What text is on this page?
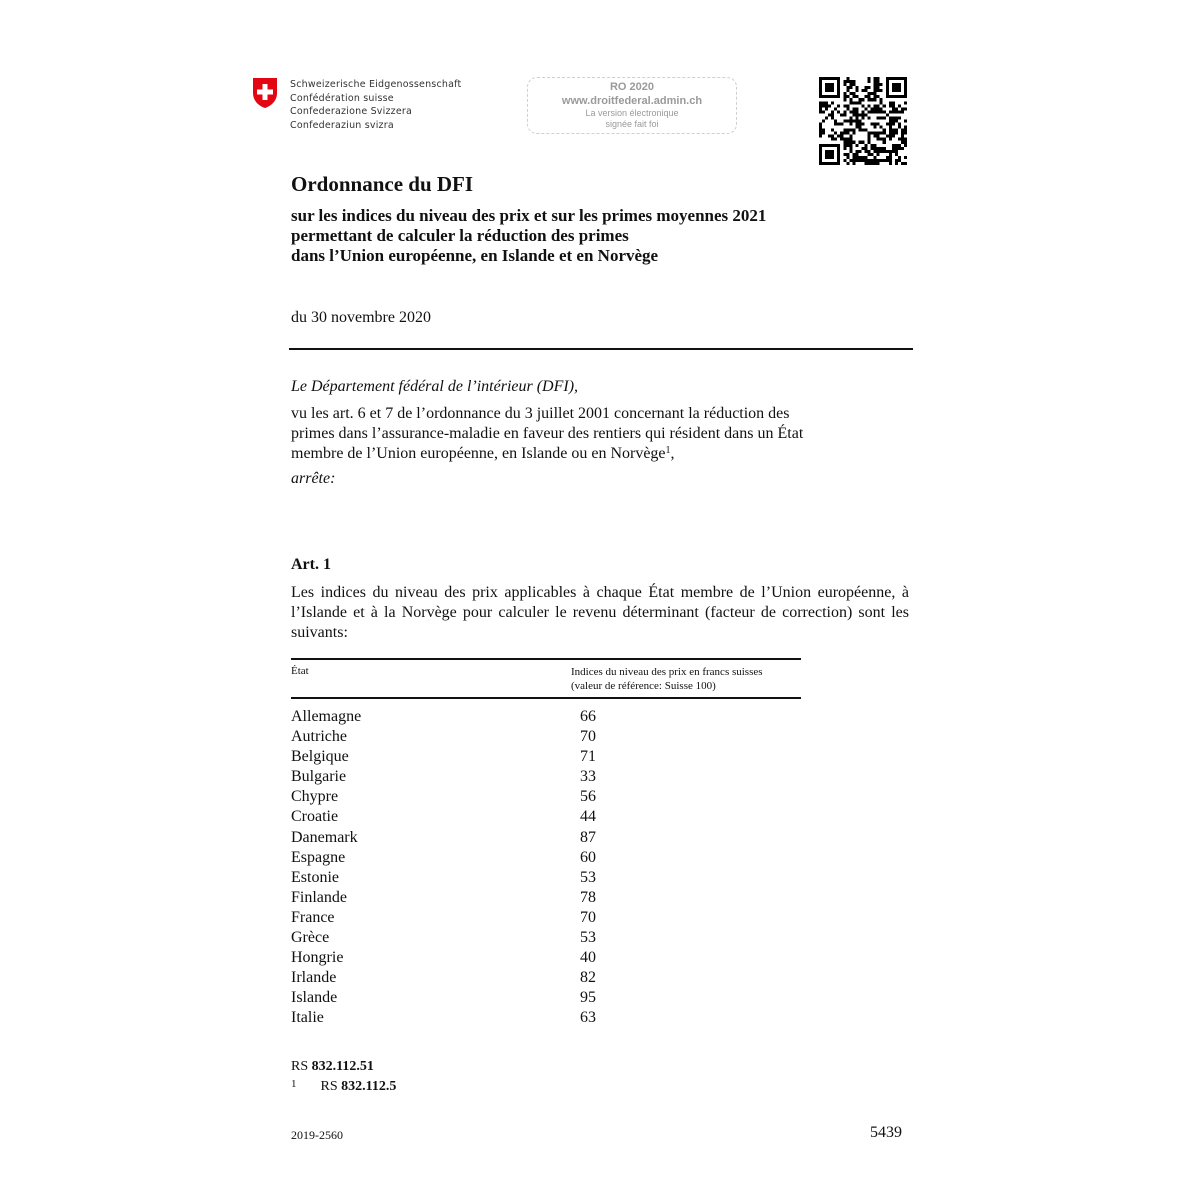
Schweizerische Eidgenossenschaft
Confédération suisse
Confederazione Svizzera
Confederaziun svizra
RO 2020
www.droitfederal.admin.ch
La version électronique
signée fait foi
Ordonnance du DFI
sur les indices du niveau des prix et sur les primes moyennes 2021
permettant de calculer la réduction des primes
dans l’Union européenne, en Islande et en Norvège
du 30 novembre 2020
Le Département fédéral de l’intérieur (DFI),
vu les art. 6 et 7 de l’ordonnance du 3 juillet 2001 concernant la réduction des
primes dans l’assurance-maladie en faveur des rentiers qui résident dans un État
membre de l’Union européenne, en Islande ou en Norvège$^1$,
arrête:
Art. 1
Les indices du niveau des prix applicables à chaque État membre de l’Union européenne, à l’Islande et à la Norvège pour calculer le revenu déterminant (facteur de correction) sont les suivants:
État	Indices du niveau des prix en francs suisses
(valeur de référence: Suisse 100)
Allemagne	66
Autriche	70
Belgique	71
Bulgarie	33
Chypre	56
Croatie	44
Danemark	87
Espagne	60
Estonie	53
Finlande	78
France	70
Grèce	53
Hongrie	40
Irlande	82
Islande	95
Italie	63
RS 832.112.51
$^1$ RS 832.112.5
2019-2560	5439
